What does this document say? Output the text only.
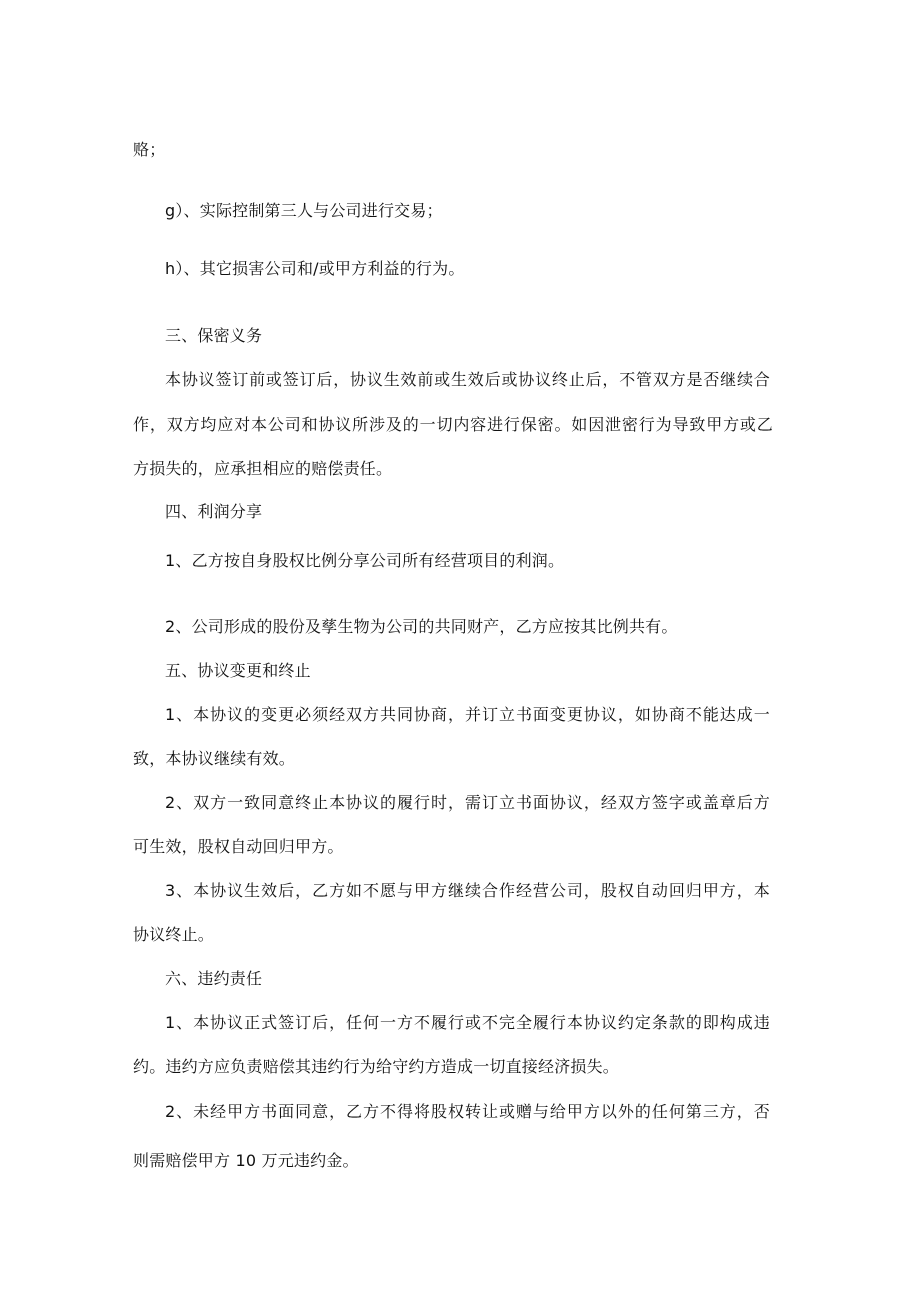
赂；
g）、实际控制第三人与公司进行交易；
h）、其它损害公司和/或甲方利益的行为。
三、保密义务
本协议签订前或签订后，协议生效前或生效后或协议终止后，不管双方是否继续合
作，双方均应对本公司和协议所涉及的一切内容进行保密。如因泄密行为导致甲方或乙
方损失的，应承担相应的赔偿责任。
四、利润分享
1、乙方按自身股权比例分享公司所有经营项目的利润。
2、公司形成的股份及孳生物为公司的共同财产，乙方应按其比例共有。
五、协议变更和终止
1、本协议的变更必须经双方共同协商，并订立书面变更协议，如协商不能达成一
致，本协议继续有效。
2、双方一致同意终止本协议的履行时，需订立书面协议，经双方签字或盖章后方
可生效，股权自动回归甲方。
3、本协议生效后，乙方如不愿与甲方继续合作经营公司，股权自动回归甲方，本
协议终止。
六、违约责任
1、本协议正式签订后，任何一方不履行或不完全履行本协议约定条款的即构成违
约。违约方应负责赔偿其违约行为给守约方造成一切直接经济损失。
2、未经甲方书面同意，乙方不得将股权转让或赠与给甲方以外的任何第三方，否
则需赔偿甲方 10 万元违约金。
